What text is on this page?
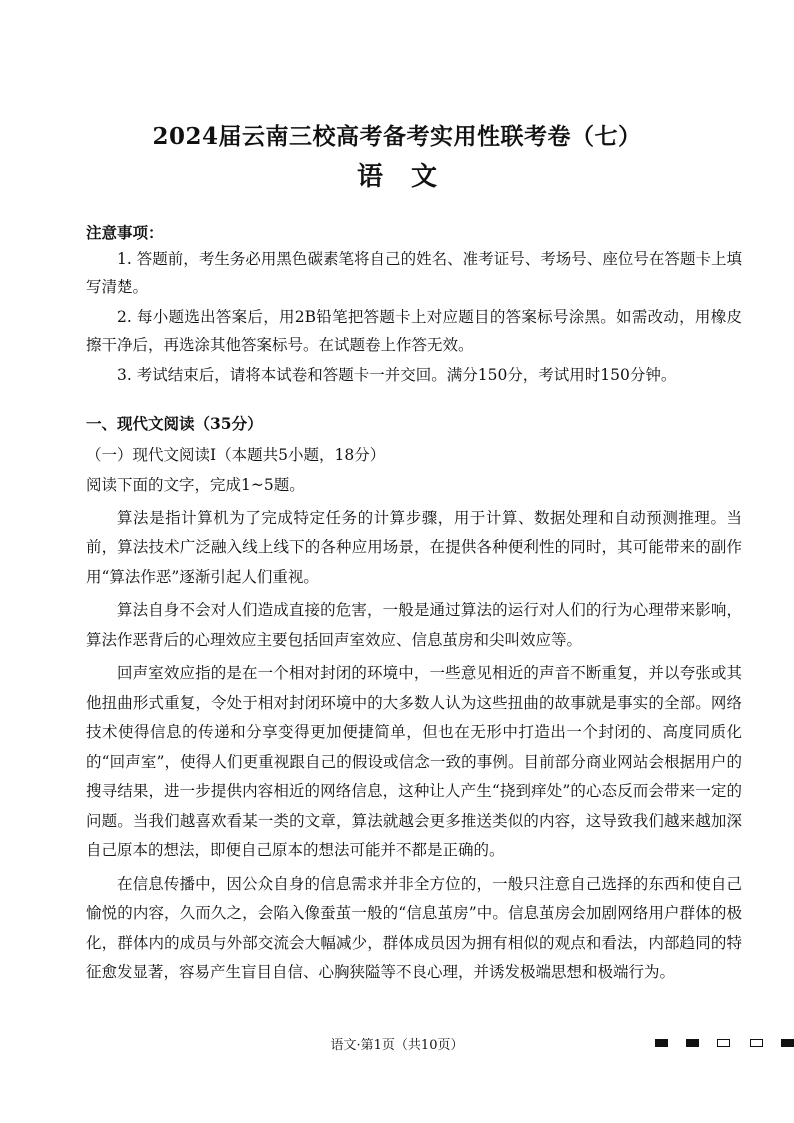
2024届云南三校高考备考实用性联考卷（七）
语 文
注意事项：

1. 答题前，考生务必用黑色碳素笔将自己的姓名、准考证号、考场号、座位号在答题卡上填写清楚。

2. 每小题选出答案后，用2B铅笔把答题卡上对应题目的答案标号涂黑。如需改动，用橡皮擦干净后，再选涂其他答案标号。在试题卷上作答无效。

3. 考试结束后，请将本试卷和答题卡一并交回。满分150分，考试用时150分钟。

一、现代文阅读（35分）

（一）现代文阅读Ⅰ（本题共5小题，18分）

阅读下面的文字，完成1~5题。

算法是指计算机为了完成特定任务的计算步骤，用于计算、数据处理和自动预测推理。当前，算法技术广泛融入线上线下的各种应用场景，在提供各种便利性的同时，其可能带来的副作用“算法作恶”逐渐引起人们重视。

算法自身不会对人们造成直接的危害，一般是通过算法的运行对人们的行为心理带来影响，算法作恶背后的心理效应主要包括回声室效应、信息茧房和尖叫效应等。

回声室效应指的是在一个相对封闭的环境中，一些意见相近的声音不断重复，并以夸张或其他扭曲形式重复，令处于相对封闭环境中的大多数人认为这些扭曲的故事就是事实的全部。网络技术使得信息的传递和分享变得更加便捷简单，但也在无形中打造出一个封闭的、高度同质化的“回声室”，使得人们更重视跟自己的假设或信念一致的事例。目前部分商业网站会根据用户的搜寻结果，进一步提供内容相近的网络信息，这种让人产生“挠到痒处”的心态反而会带来一定的问题。当我们越喜欢看某一类的文章，算法就越会更多推送类似的内容，这导致我们越来越加深自己原本的想法，即便自己原本的想法可能并不都是正确的。

在信息传播中，因公众自身的信息需求并非全方位的，一般只注意自己选择的东西和使自己愉悦的内容，久而久之，会陷入像蚕茧一般的“信息茧房”中。信息茧房会加剧网络用户群体的极化，群体内的成员与外部交流会大幅减少，群体成员因为拥有相似的观点和看法，内部趋同的特征愈发显著，容易产生盲目自信、心胸狭隘等不良心理，并诱发极端思想和极端行为。

语文·第1页（共10页）
